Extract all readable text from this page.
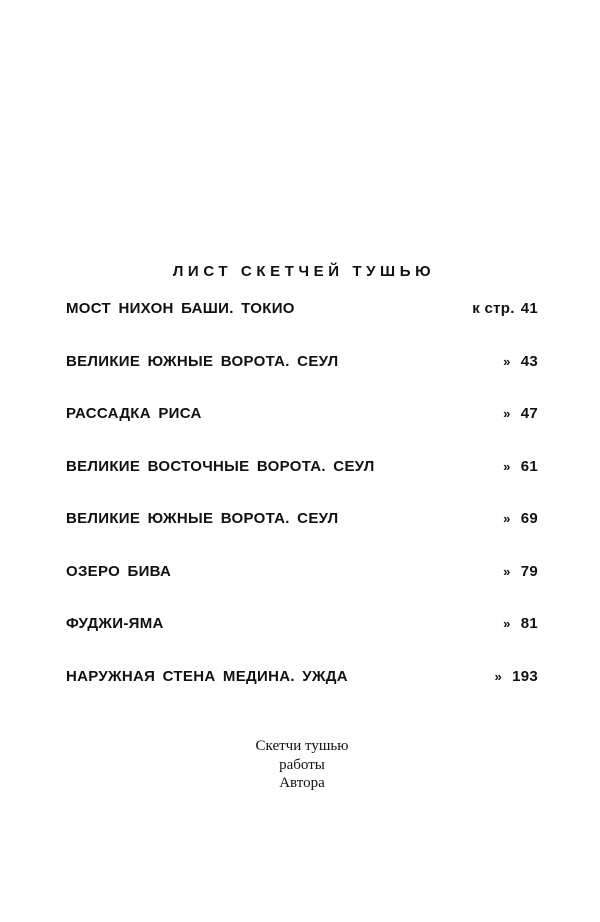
ЛИСТ СКЕТЧЕЙ ТУШЬЮ
МОСТ НИХОН БАШИ. ТОКИО	к стр. 41
ВЕЛИКИЕ ЮЖНЫЕ ВОРОТА. СЕУЛ	» 43
РАССАДКА РИСА	» 47
ВЕЛИКИЕ ВОСТОЧНЫЕ ВОРОТА. СЕУЛ	» 61
ВЕЛИКИЕ ЮЖНЫЕ ВОРОТА. СЕУЛ	» 69
ОЗЕРО БИВА	» 79
ФУДЖИ-ЯМА	» 81
НАРУЖНАЯ СТЕНА МЕДИНА. УЖДА	» 193
Скетчи тушью
работы
Автора
